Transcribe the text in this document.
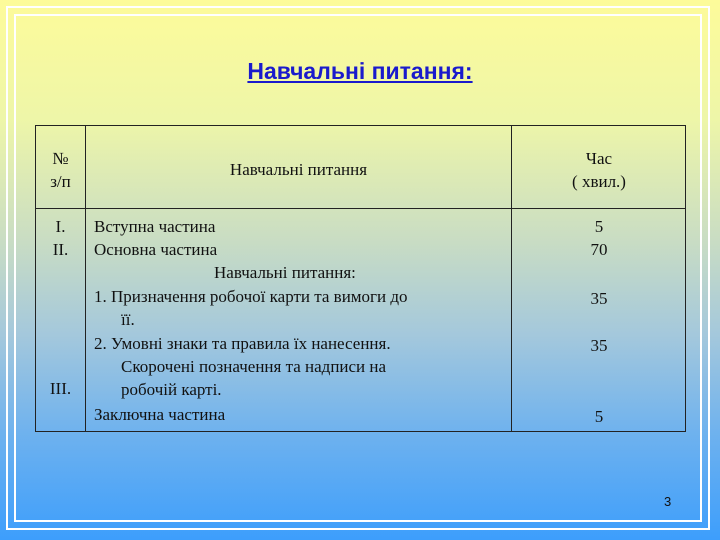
Навчальні питання:
№
з/п
Навчальні питання
Час
( хвил.)
I.
II.
III.
Вступна частина
Основна частина
Навчальні питання:
1. Призначення робочої карти та вимоги до
її.
2. Умовні знаки та правила їх нанесення.
Скорочені позначення та надписи на
робочій карті.
Заключна частина
5
70
35
35
5
3
